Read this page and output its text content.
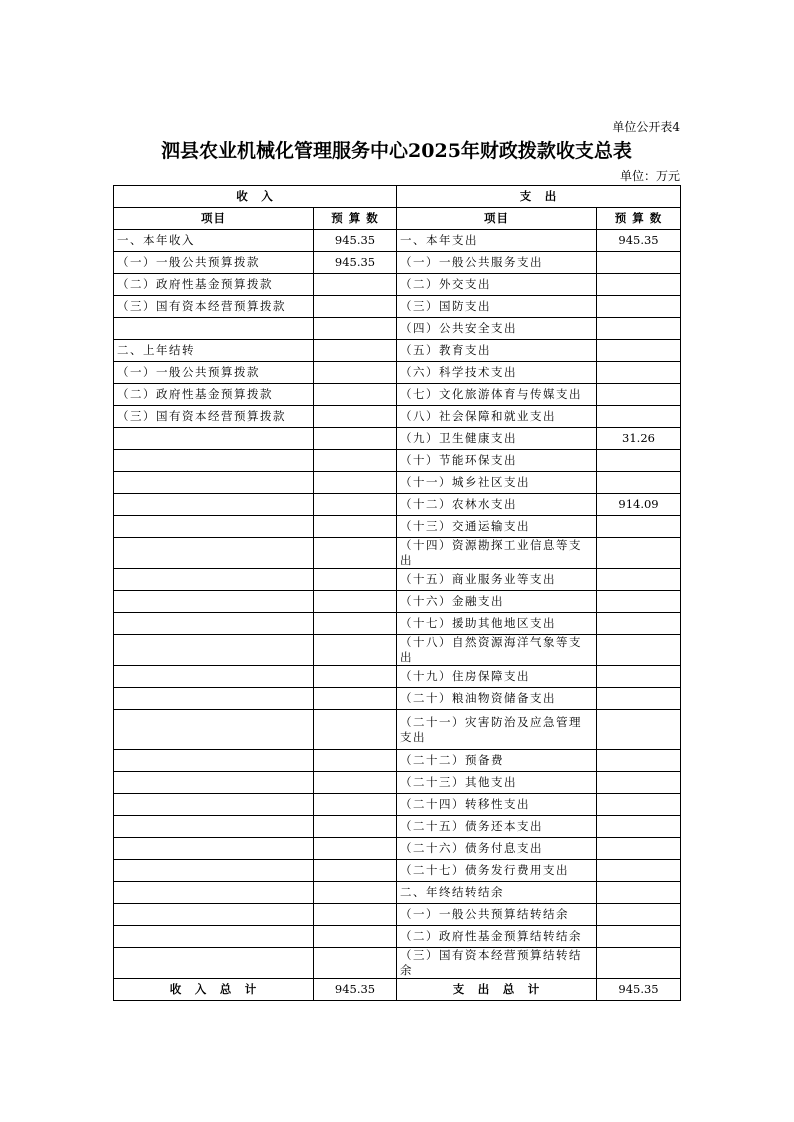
单位公开表4
泗县农业机械化管理服务中心2025年财政拨款收支总表
单位：万元
收　入		支　出	
项目	预 算 数	项目	预 算 数
一、本年收入	945.35	一、本年支出	945.35
（一）一般公共预算拨款	945.35	（一）一般公共服务支出	
（二）政府性基金预算拨款		（二）外交支出	
（三）国有资本经营预算拨款		（三）国防支出	
		（四）公共安全支出	
二、上年结转		（五）教育支出	
（一）一般公共预算拨款		（六）科学技术支出	
（二）政府性基金预算拨款		（七）文化旅游体育与传媒支出	
（三）国有资本经营预算拨款		（八）社会保障和就业支出	
		（九）卫生健康支出	31.26
		（十）节能环保支出	
		（十一）城乡社区支出	
		（十二）农林水支出	914.09
		（十三）交通运输支出	
		（十四）资源勘探工业信息等支出	
		（十五）商业服务业等支出	
		（十六）金融支出	
		（十七）援助其他地区支出	
		（十八）自然资源海洋气象等支出	
		（十九）住房保障支出	
		（二十）粮油物资储备支出	
		（二十一）灾害防治及应急管理支出	
		（二十二）预备费	
		（二十三）其他支出	
		（二十四）转移性支出	
		（二十五）债务还本支出	
		（二十六）债务付息支出	
		（二十七）债务发行费用支出	
		二、年终结转结余	
		（一）一般公共预算结转结余	
		（二）政府性基金预算结转结余	
		（三）国有资本经营预算结转结余	
收　入　总　计	945.35	支　出　总　计	945.35
